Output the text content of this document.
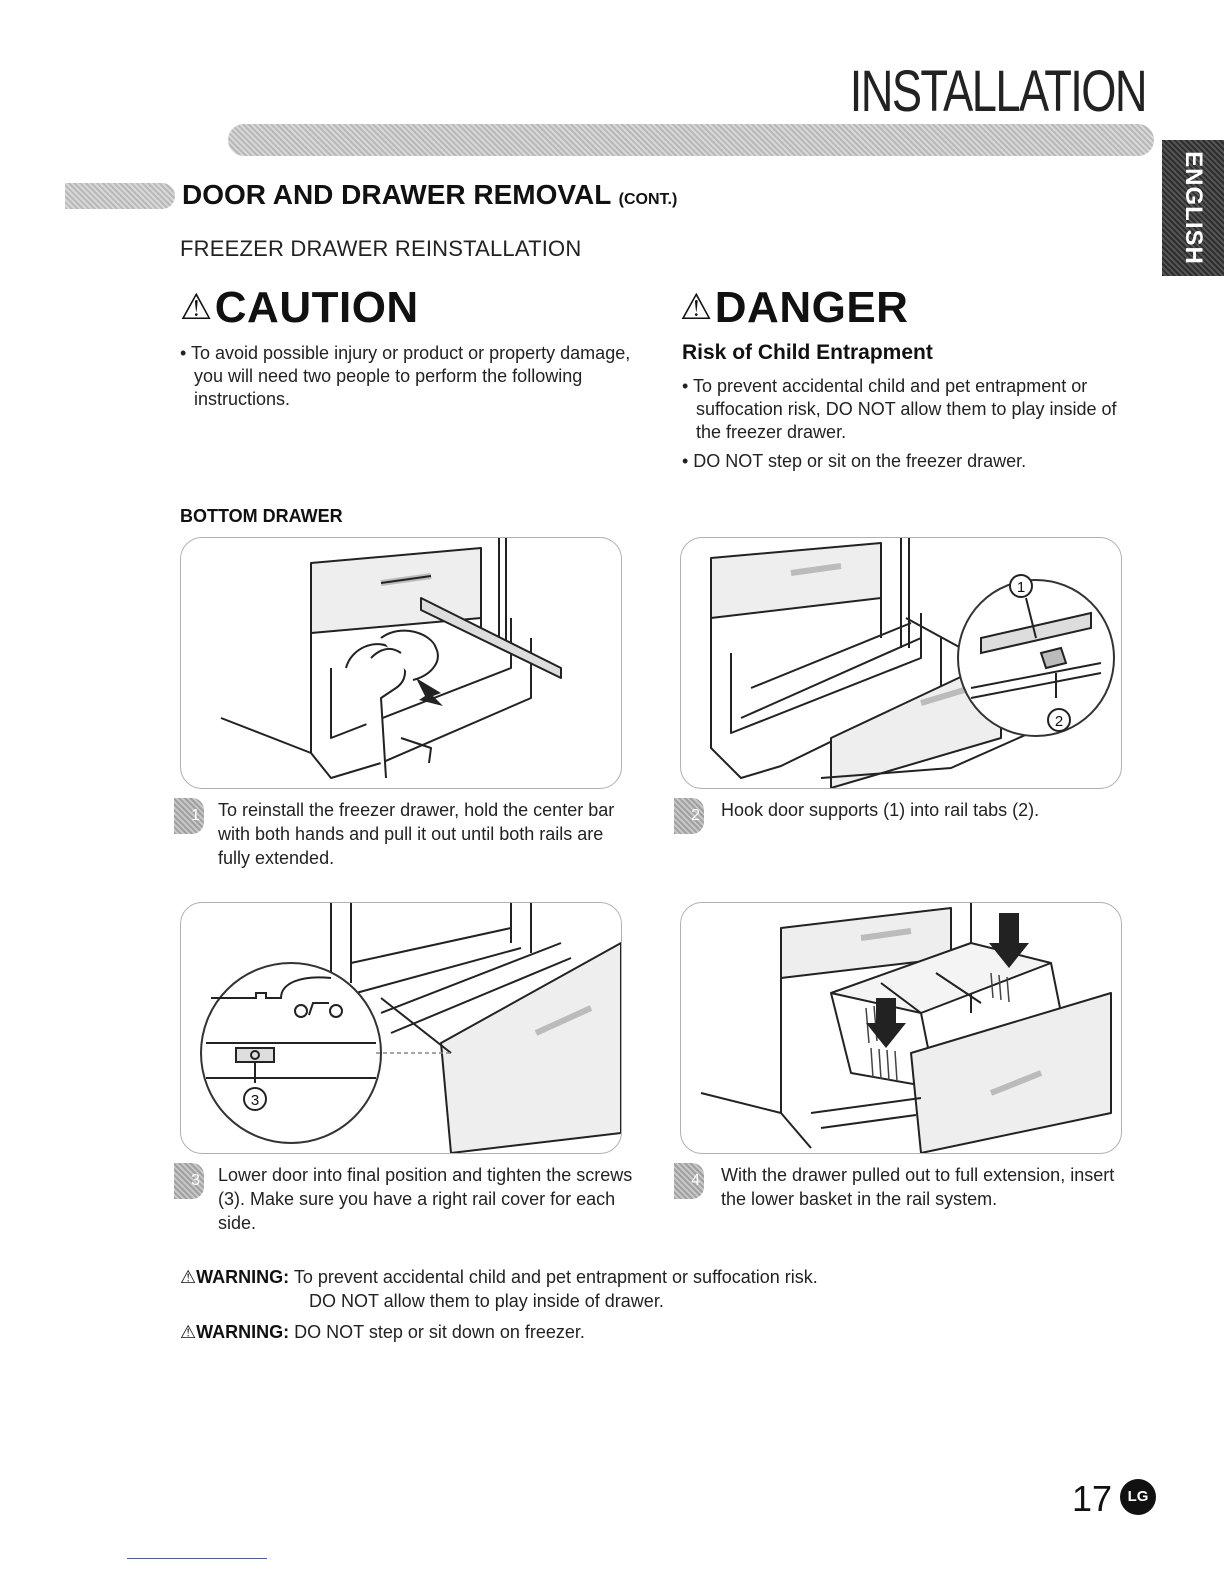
INSTALLATION
ENGLISH
DOOR AND DRAWER REMOVAL (CONT.)
FREEZER DRAWER REINSTALLATION
⚠CAUTION
• To avoid possible injury or product or property damage, you will need two people to perform the following instructions.
⚠DANGER
Risk of Child Entrapment
• To prevent accidental child and pet entrapment or suffocation risk, DO NOT allow them to play inside of the freezer drawer.
• DO NOT step or sit on the freezer drawer.
BOTTOM DRAWER
1
2
3
1 To reinstall the freezer drawer, hold the center bar with both hands and pull it out until both rails are fully extended.
2 Hook door supports (1) into rail tabs (2).
3 Lower door into final position and tighten the screws (3). Make sure you have a right rail cover for each side.
4 With the drawer pulled out to full extension, insert the lower basket in the rail system.
⚠WARNING: To prevent accidental child and pet entrapment or suffocation risk.
DO NOT allow them to play inside of drawer.
⚠WARNING: DO NOT step or sit down on freezer.
17	LG
